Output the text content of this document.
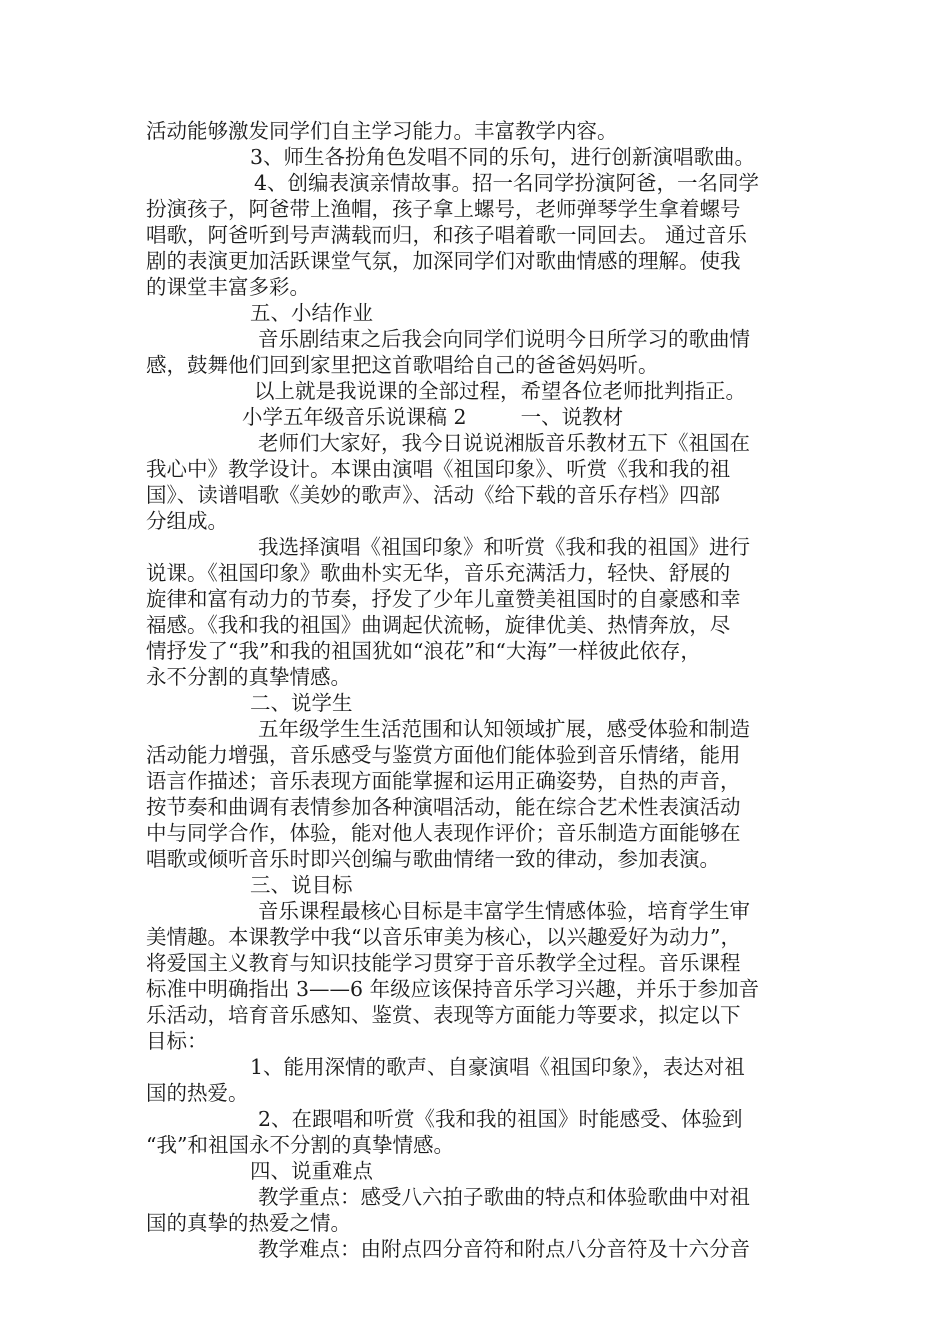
活动能够激发同学们自主学习能力。丰富教学内容。
3、师生各扮角色发唱不同的乐句，进行创新演唱歌曲。
4、创编表演亲情故事。招一名同学扮演阿爸，一名同学
扮演孩子，阿爸带上渔帽，孩子拿上螺号，老师弹琴学生拿着螺号
唱歌，阿爸听到号声满载而归，和孩子唱着歌一同回去。 通过音乐
剧的表演更加活跃课堂气氛，加深同学们对歌曲情感的理解。使我
的课堂丰富多彩。
五、小结作业
音乐剧结束之后我会向同学们说明今日所学习的歌曲情
感，鼓舞他们回到家里把这首歌唱给自己的爸爸妈妈听。
以上就是我说课的全部过程，希望各位老师批判指正。
小学五年级音乐说课稿 2 　　 一、说教材
老师们大家好，我今日说说湘版音乐教材五下《祖国在
我心中》教学设计。本课由演唱《祖国印象》、听赏《我和我的祖
国》、读谱唱歌《美妙的歌声》、活动《给下载的音乐存档》四部
分组成。
我选择演唱《祖国印象》和听赏《我和我的祖国》进行
说课。《祖国印象》歌曲朴实无华，音乐充满活力，轻快、舒展的
旋律和富有动力的节奏，抒发了少年儿童赞美祖国时的自豪感和幸
福感。《我和我的祖国》曲调起伏流畅，旋律优美、热情奔放，尽
情抒发了“我”和我的祖国犹如“浪花”和“大海”一样彼此依存，
永不分割的真挚情感。
二、说学生
五年级学生生活范围和认知领域扩展，感受体验和制造
活动能力增强，音乐感受与鉴赏方面他们能体验到音乐情绪，能用
语言作描述；音乐表现方面能掌握和运用正确姿势，自热的声音，
按节奏和曲调有表情参加各种演唱活动，能在综合艺术性表演活动
中与同学合作，体验，能对他人表现作评价；音乐制造方面能够在
唱歌或倾听音乐时即兴创编与歌曲情绪一致的律动，参加表演。
三、说目标
音乐课程最核心目标是丰富学生情感体验，培育学生审
美情趣。本课教学中我“以音乐审美为核心，以兴趣爱好为动力”，
将爱国主义教育与知识技能学习贯穿于音乐教学全过程。音乐课程
标准中明确指出 3——6 年级应该保持音乐学习兴趣，并乐于参加音
乐活动，培育音乐感知、鉴赏、表现等方面能力等要求，拟定以下
目标：
1、能用深情的歌声、自豪演唱《祖国印象》，表达对祖
国的热爱。
2、在跟唱和听赏《我和我的祖国》时能感受、体验到
“我”和祖国永不分割的真挚情感。
四、说重难点
教学重点：感受八六拍子歌曲的特点和体验歌曲中对祖
国的真挚的热爱之情。
教学难点：由附点四分音符和附点八分音符及十六分音
